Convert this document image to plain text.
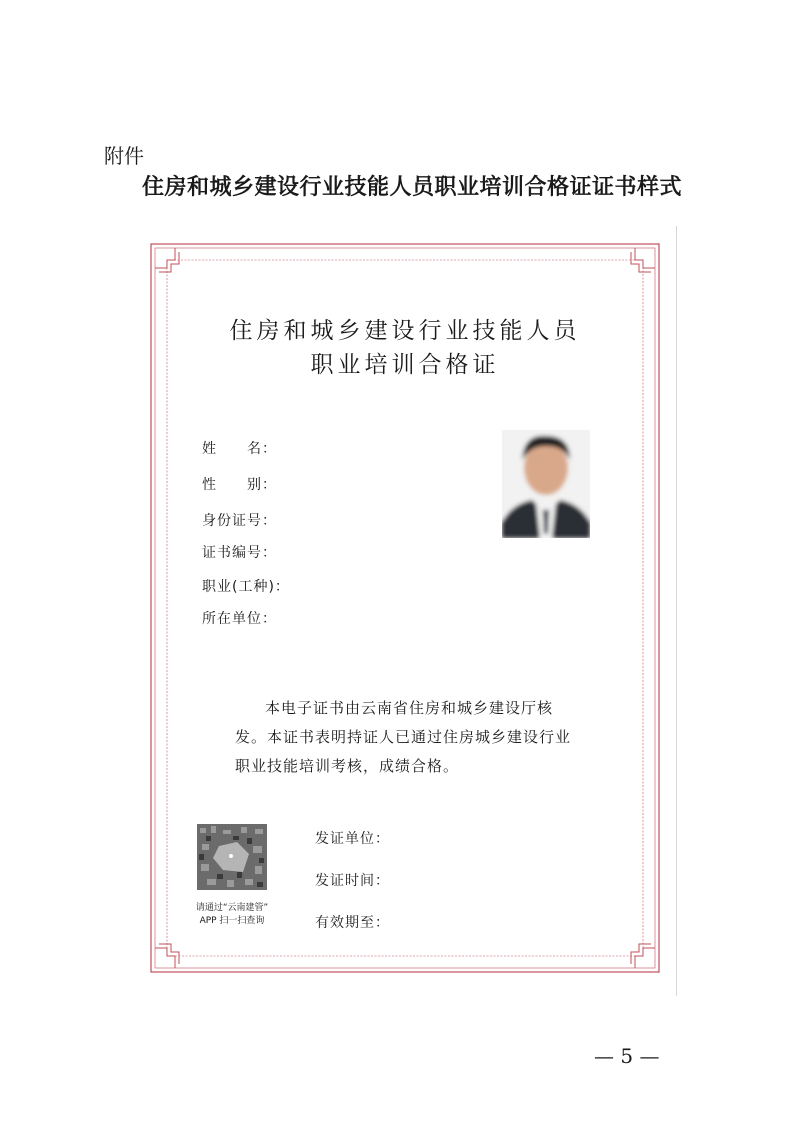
附件
住房和城乡建设行业技能人员职业培训合格证证书样式
住房和城乡建设行业技能人员
职业培训合格证
姓　　名：
性　　别：
身份证号：
证书编号：
职业(工种)：
所在单位：
本电子证书由云南省住房和城乡建设厅核发。本证书表明持证人已通过住房城乡建设行业职业技能培训考核，成绩合格。
请通过“云南建管”
APP 扫一扫查询
发证单位：
发证时间：
有效期至：
— 5 —
